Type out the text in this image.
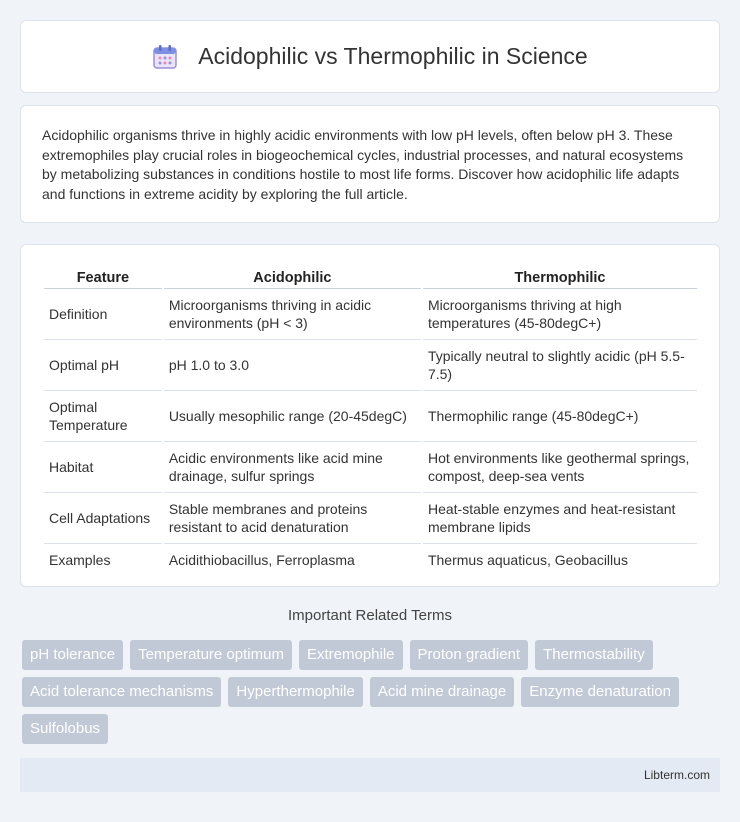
Acidophilic vs Thermophilic in Science
Acidophilic organisms thrive in highly acidic environments with low pH levels, often below pH 3. These extremophiles play crucial roles in biogeochemical cycles, industrial processes, and natural ecosystems by metabolizing substances in conditions hostile to most life forms. Discover how acidophilic life adapts and functions in extreme acidity by exploring the full article.
Feature	Acidophilic	Thermophilic
Definition	Microorganisms thriving in acidic environments (pH < 3)	Microorganisms thriving at high temperatures (45-80degC+)
Optimal pH	pH 1.0 to 3.0	Typically neutral to slightly acidic (pH 5.5-7.5)
Optimal Temperature	Usually mesophilic range (20-45degC)	Thermophilic range (45-80degC+)
Habitat	Acidic environments like acid mine drainage, sulfur springs	Hot environments like geothermal springs, compost, deep-sea vents
Cell Adaptations	Stable membranes and proteins resistant to acid denaturation	Heat-stable enzymes and heat-resistant membrane lipids
Examples	Acidithiobacillus, Ferroplasma	Thermus aquaticus, Geobacillus
Important Related Terms
pH tolerance	Temperature optimum	Extremophile	Proton gradient	Thermostability
Acid tolerance mechanisms	Hyperthermophile	Acid mine drainage	Enzyme denaturation
Sulfolobus
Libterm.com
